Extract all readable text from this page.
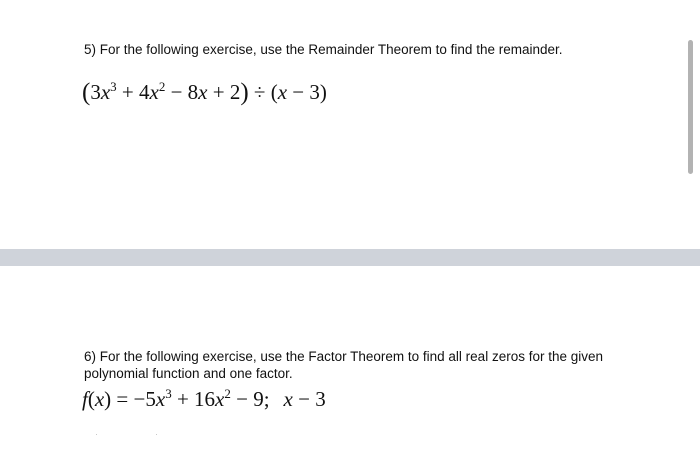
5) For the following exercise, use the Remainder Theorem to find the remainder.
$(3x^3 + 4x^2 - 8x + 2) \div (x - 3)$
6) For the following exercise, use the Factor Theorem to find all real zeros for the given
polynomial function and one factor.
$f(x) = -5x^3 + 16x^2 - 9$; x − 3
